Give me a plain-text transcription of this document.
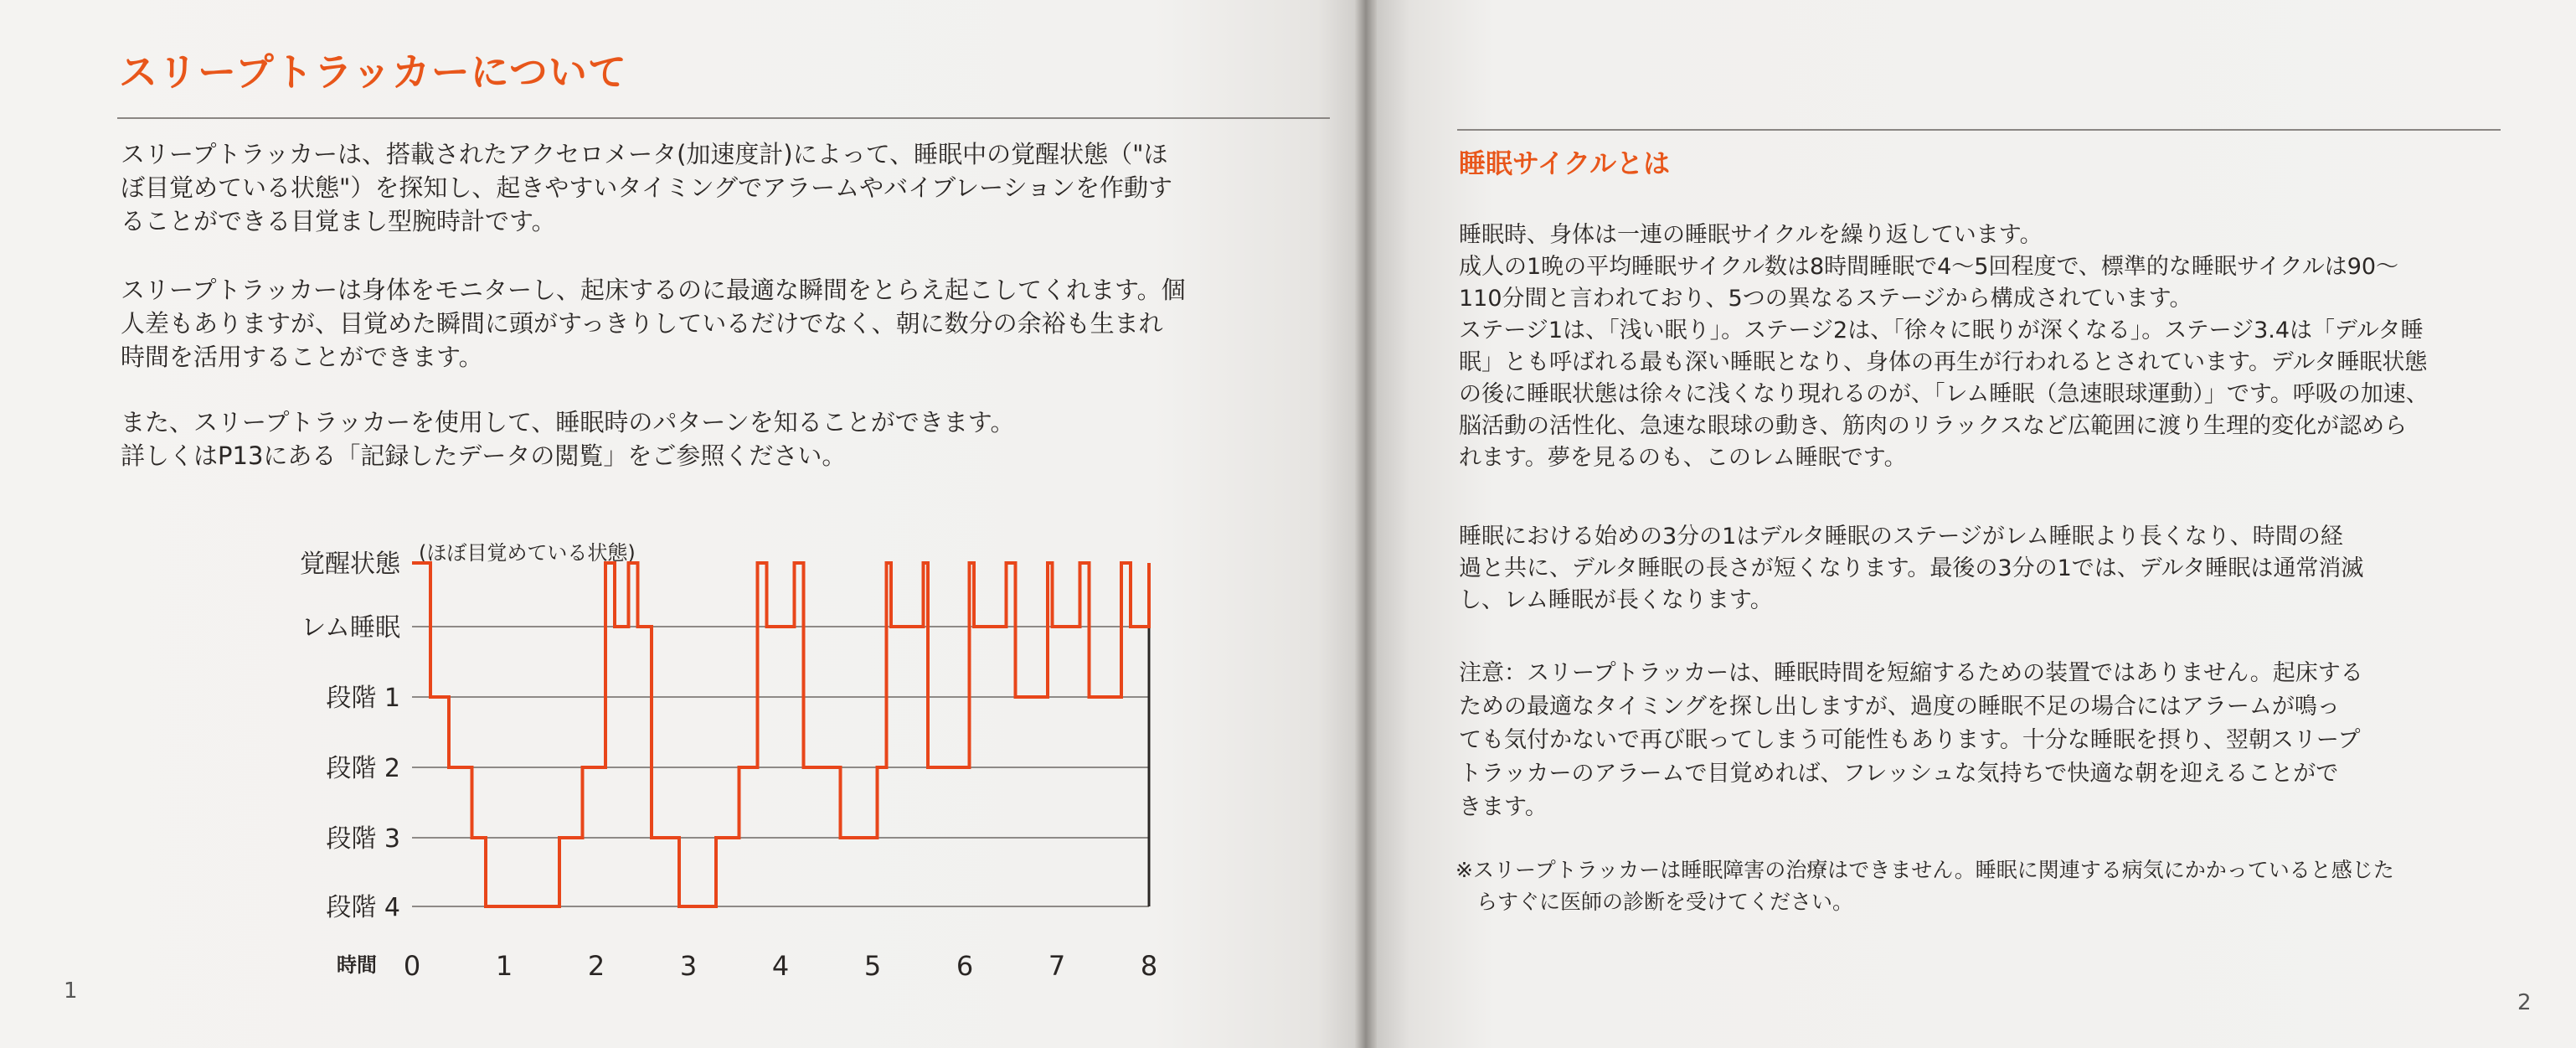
スリープトラッカーについて
スリープトラッカーは、搭載されたアクセロメータ(加速度計)によって、睡眠中の覚醒状態（"ほ
ぼ目覚めている状態"）を探知し、起きやすいタイミングでアラームやバイブレーションを作動す
ることができる目覚まし型腕時計です。
スリープトラッカーは身体をモニターし、起床するのに最適な瞬間をとらえ起こしてくれます。個
人差もありますが、目覚めた瞬間に頭がすっきりしているだけでなく、朝に数分の余裕も生まれ
時間を活用することができます。
また、スリープトラッカーを使用して、睡眠時のパターンを知ることができます。
詳しくはP13にある「記録したデータの閲覧」をご参照ください。
覚醒状態
レム睡眠
段階 1
段階 2
段階 3
段階 4
(ほぼ目覚めている状態)
時間 0	1	2	3	4	5	6	7	8
1
睡眠サイクルとは
睡眠時、身体は一連の睡眠サイクルを繰り返しています。
成人の1晩の平均睡眠サイクル数は8時間睡眠で4～5回程度で、標準的な睡眠サイクルは90～
110分間と言われており、5つの異なるステージから構成されています。
ステージ1は、「浅い眠り」。ステージ2は、「徐々に眠りが深くなる」。ステージ3.4は「デルタ睡
眠」とも呼ばれる最も深い睡眠となり、身体の再生が行われるとされています。デルタ睡眠状態
の後に睡眠状態は徐々に浅くなり現れるのが、「レム睡眠（急速眼球運動）」です。呼吸の加速、
脳活動の活性化、急速な眼球の動き、筋肉のリラックスなど広範囲に渡り生理的変化が認めら
れます。夢を見るのも、このレム睡眠です。
睡眠における始めの3分の1はデルタ睡眠のステージがレム睡眠より長くなり、時間の経
過と共に、デルタ睡眠の長さが短くなります。最後の3分の1では、デルタ睡眠は通常消滅
し、レム睡眠が長くなります。
注意：スリープトラッカーは、睡眠時間を短縮するための装置ではありません。起床する
ための最適なタイミングを探し出しますが、過度の睡眠不足の場合にはアラームが鳴っ
ても気付かないで再び眠ってしまう可能性もあります。十分な睡眠を摂り、翌朝スリープ
トラッカーのアラームで目覚めれば、フレッシュな気持ちで快適な朝を迎えることがで
きます。
※スリープトラッカーは睡眠障害の治療はできません。睡眠に関連する病気にかかっていると感じた
　らすぐに医師の診断を受けてください。
2
